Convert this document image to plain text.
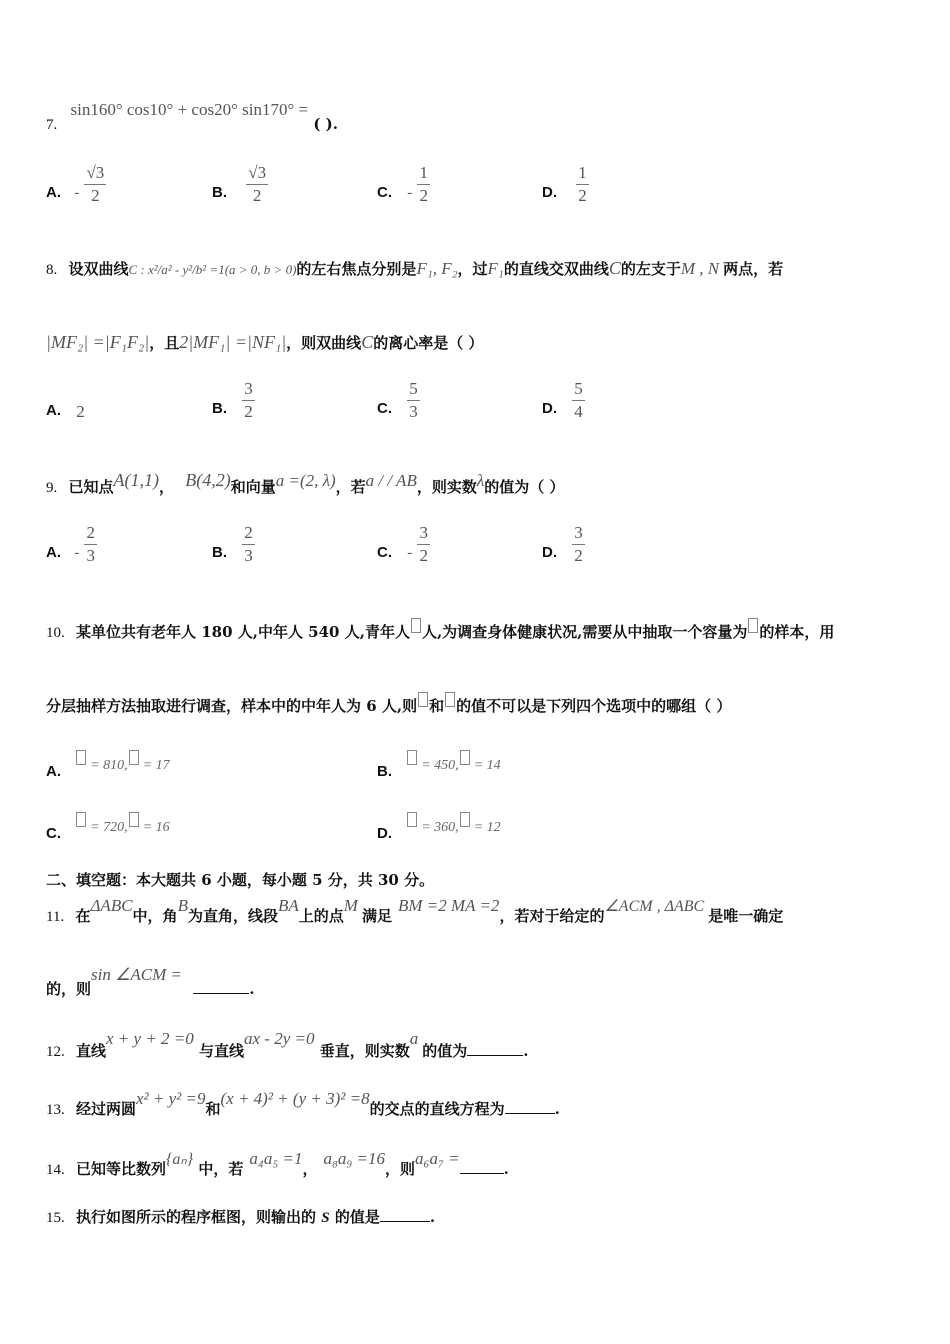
7. sin160° cos10° + cos20° sin170° = ( ).
A. - $\frac{√3}{2}$	B. $\frac{√3}{2}$	C. - $\frac{1}{2}$	D. $\frac{1}{2}$
8. 设双曲线C : x²/a² - y²/b² =1(a > 0, b > 0)的左右焦点分别是F₁, F₂，过F₁的直线交双曲线C的左支于M , N 两点，若
|MF₂| =|F₁F₂|，且2|MF₁| =|NF₁|，则双曲线C的离心率是（ ）
A. 2	B. $\frac{3}{2}$	C. $\frac{5}{3}$	D. $\frac{5}{4}$
9. 已知点A(1,1)， B(4,2)和向量a =(2, λ)，若a / / AB，则实数λ的值为（ ）
A. - $\frac{2}{3}$	B. $\frac{2}{3}$	C. - $\frac{3}{2}$	D. $\frac{3}{2}$
10. 某单位共有老年人 180 人,中年人 540 人,青年人 人,为调查身体健康状况,需要从中抽取一个容量为 的样本，用
分层抽样方法抽取进行调查，样本中的中年人为 6 人,则 和 的值不可以是下列四个选项中的哪组（ ）
A. = 810, = 17	B. = 450, = 14
C. = 720, = 16	D. = 360, = 12
二、填空题：本大题共 6 小题，每小题 5 分，共 30 分。
11. 在ΔABC中，角B为直角，线段BA上的点M满足BM =2 MA =2，若对于给定的∠ACM , ΔABC是唯一确定
的，则sin ∠ACM = .
12. 直线x + y + 2 =0 与直线ax - 2y =0 垂直，则实数a的值为	.
13. 经过两圆x² + y² =9和(x + 4)² + (y + 3)² =8的交点的直线方程为	.
14. 已知等比数列{aₙ} 中，若a₄a₅ =1，a₈a₉ =16，则a₆a₇ =.
15. 执行如图所示的程序框图，则输出的 S 的值是	.
